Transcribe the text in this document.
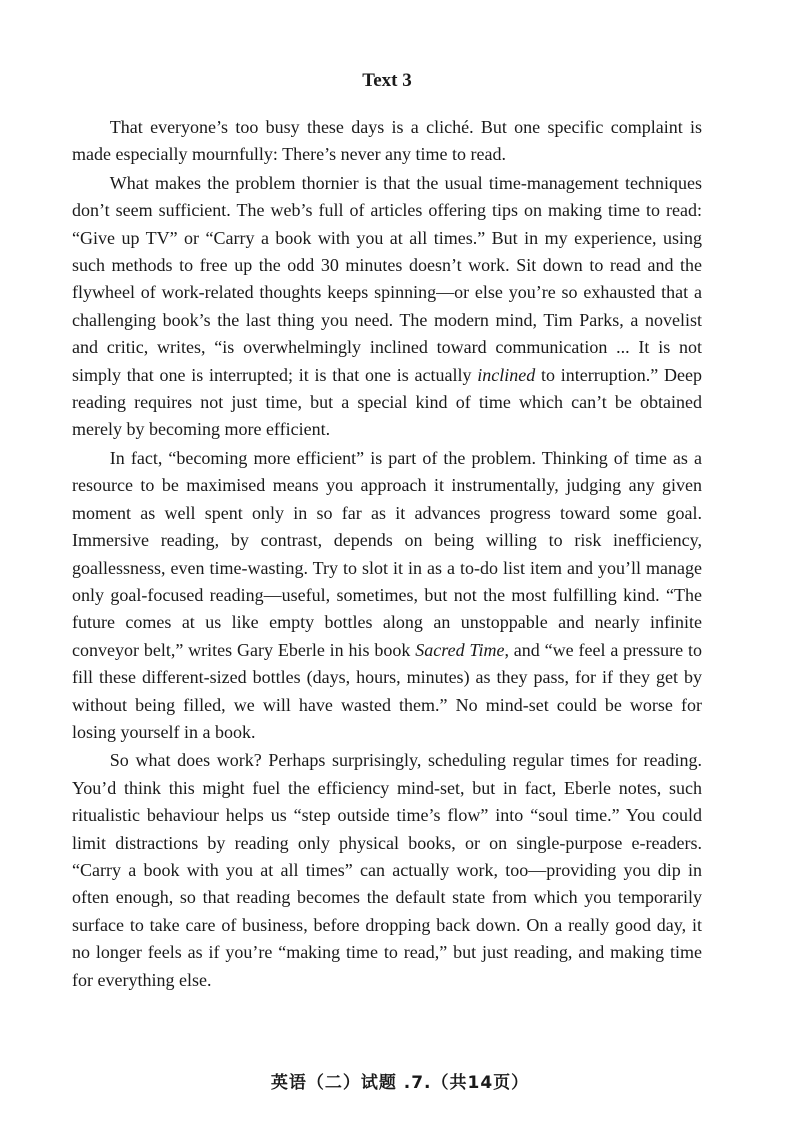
Text 3

That everyone’s too busy these days is a cliché. But one specific complaint is made especially mournfully: There’s never any time to read.

What makes the problem thornier is that the usual time-management techniques don’t seem sufficient. The web’s full of articles offering tips on making time to read: “Give up TV” or “Carry a book with you at all times.” But in my experience, using such methods to free up the odd 30 minutes doesn’t work. Sit down to read and the flywheel of work-related thoughts keeps spinning—or else you’re so exhausted that a challenging book’s the last thing you need. The modern mind, Tim Parks, a novelist and critic, writes, “is overwhelmingly inclined toward communication ... It is not simply that one is interrupted; it is that one is actually inclined to interruption.” Deep reading requires not just time, but a special kind of time which can’t be obtained merely by becoming more efficient.

In fact, “becoming more efficient” is part of the problem. Thinking of time as a resource to be maximised means you approach it instrumentally, judging any given moment as well spent only in so far as it advances progress toward some goal. Immersive reading, by contrast, depends on being willing to risk inefficiency, goallessness, even time-wasting. Try to slot it in as a to-do list item and you’ll manage only goal-focused reading—useful, sometimes, but not the most fulfilling kind. “The future comes at us like empty bottles along an unstoppable and nearly infinite conveyor belt,” writes Gary Eberle in his book Sacred Time, and “we feel a pressure to fill these different-sized bottles (days, hours, minutes) as they pass, for if they get by without being filled, we will have wasted them.” No mind-set could be worse for losing yourself in a book.

So what does work? Perhaps surprisingly, scheduling regular times for reading. You’d think this might fuel the efficiency mind-set, but in fact, Eberle notes, such ritualistic behaviour helps us “step outside time’s flow” into “soul time.” You could limit distractions by reading only physical books, or on single-purpose e-readers. “Carry a book with you at all times” can actually work, too—providing you dip in often enough, so that reading becomes the default state from which you temporarily surface to take care of business, before dropping back down. On a really good day, it no longer feels as if you’re “making time to read,” but just reading, and making time for everything else.

英语（二）试题 .7.（共14页）
